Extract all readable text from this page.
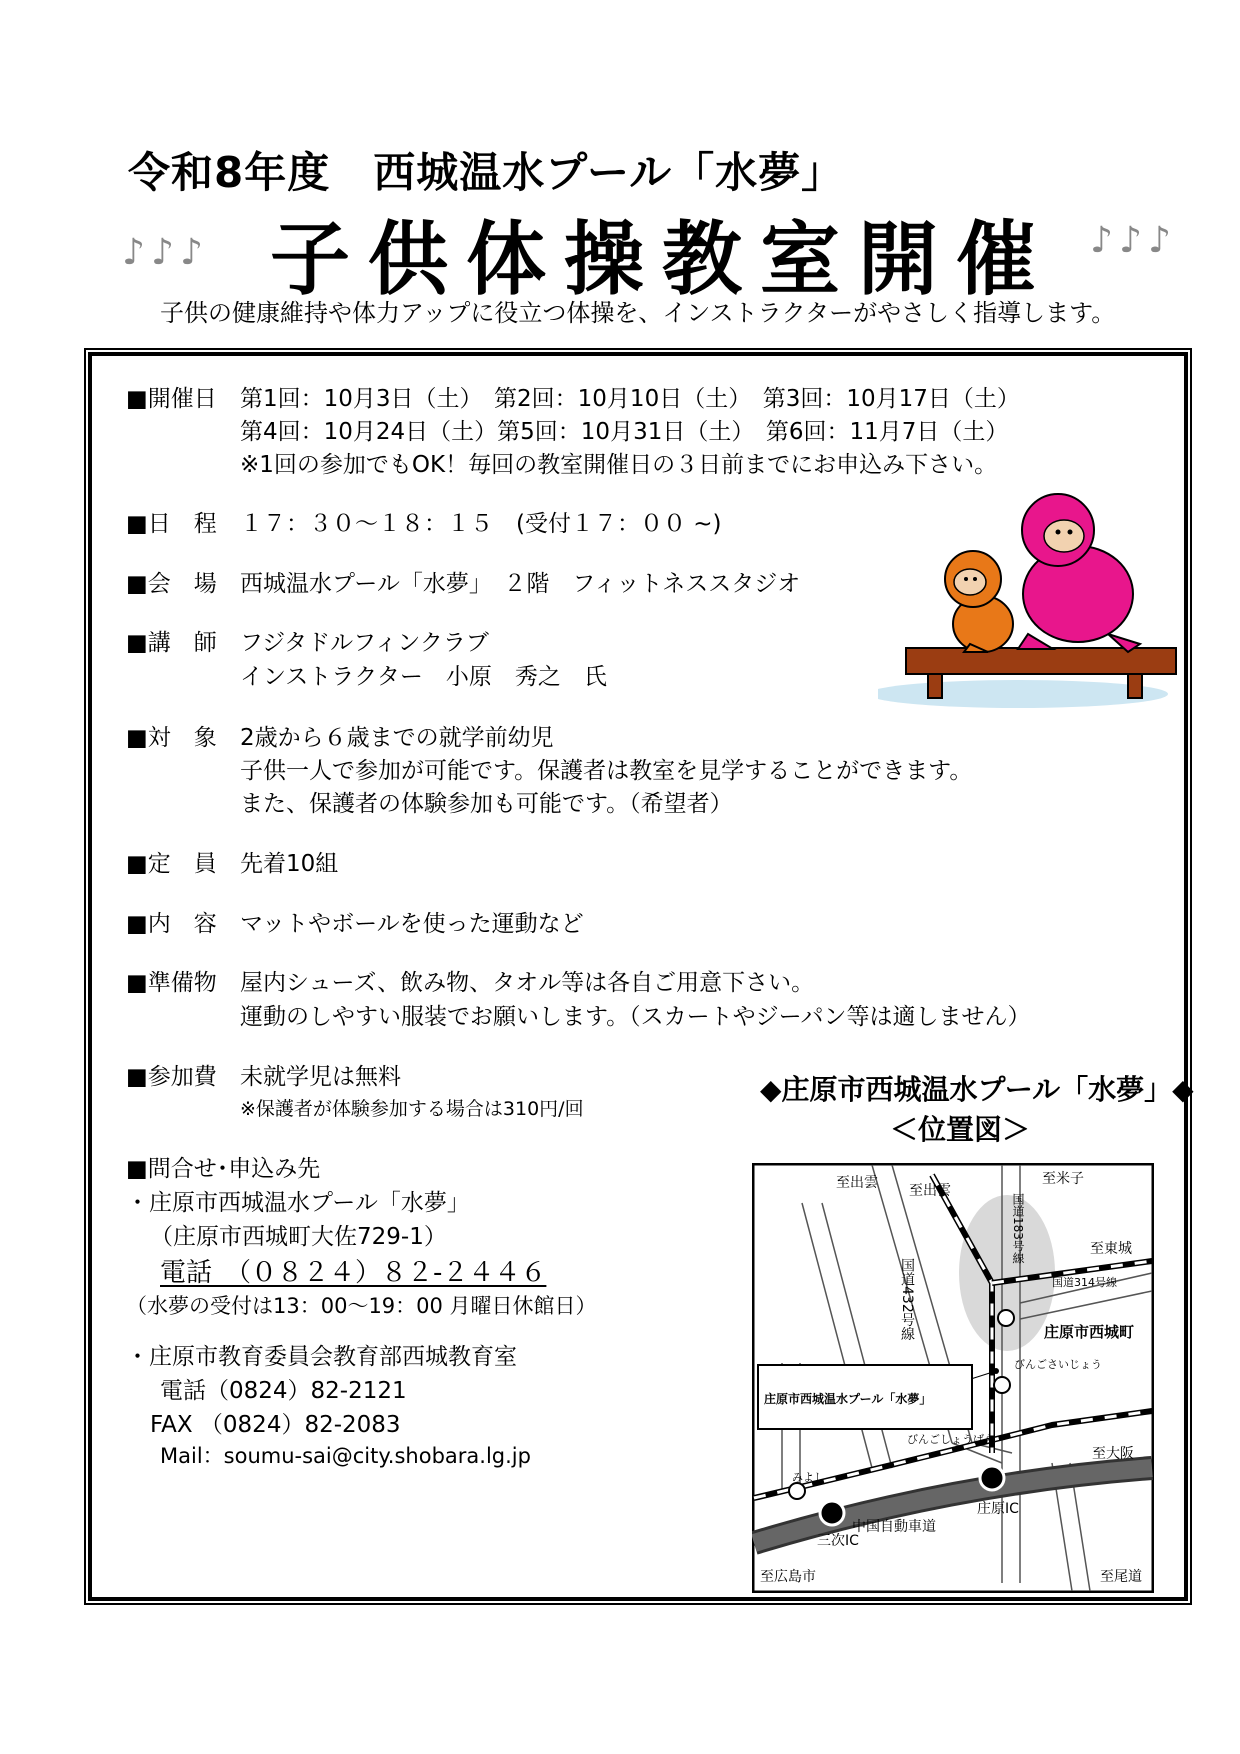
令和8年度　西城温水プール「水夢」
子供体操教室開催
♪♪♪	♪♪♪
子供の健康維持や体力アップに役立つ体操を、インストラクターがやさしく指導します。
■開催日 第1回：10月3日（土）　第2回：10月10日（土）　第3回：10月17日（土）
第4回：10月24日（土）第5回：10月31日（土）　第6回：11月7日（土）
※1回の参加でもOK！毎回の教室開催日の３日前までにお申込み下さい。
■日　程 １７：３０～１８：１５　(受付１７：００ ~)
■会　場 西城温水プール「水夢」　２階　フィットネススタジオ
■講　師 フジタドルフィンクラブ
インストラクター　小原　秀之　氏
■対　象 2歳から６歳までの就学前幼児
子供一人で参加が可能です。保護者は教室を見学することができます。
また、保護者の体験参加も可能です。（希望者）
■定　員 先着10組
■内　容 マットやボールを使った運動など
■準備物 屋内シューズ、飲み物、タオル等は各自ご用意下さい。
運動のしやすい服装でお願いします。（スカートやジーパン等は適しません）
■参加費 未就学児は無料
※保護者が体験参加する場合は310円/回
■問合せ･申込み先
・庄原市西城温水プール「水夢」
（庄原市西城町大佐729-1）
電話　（０８２４）８２-２４４６
（水夢の受付は13：00～19：00 月曜日休館日）
・庄原市教育委員会教育部西城教育室
電話（0824）82-2121
FAX （0824）82-2083
Mail：soumu-sai@city.shobara.lg.jp
◆庄原市西城温水プール「水夢」◆
＜位置図＞
至出雲 至出雲
至米子
至東城
国道314号線
庄原市西城町
びんごさいじょう
びんごしょうばら
至大阪
みよし
中国自動車道
庄原IC
三次IC
至広島市	至尾道
庄原市西城温水プール「水夢」
国道432号線
国道183号線
